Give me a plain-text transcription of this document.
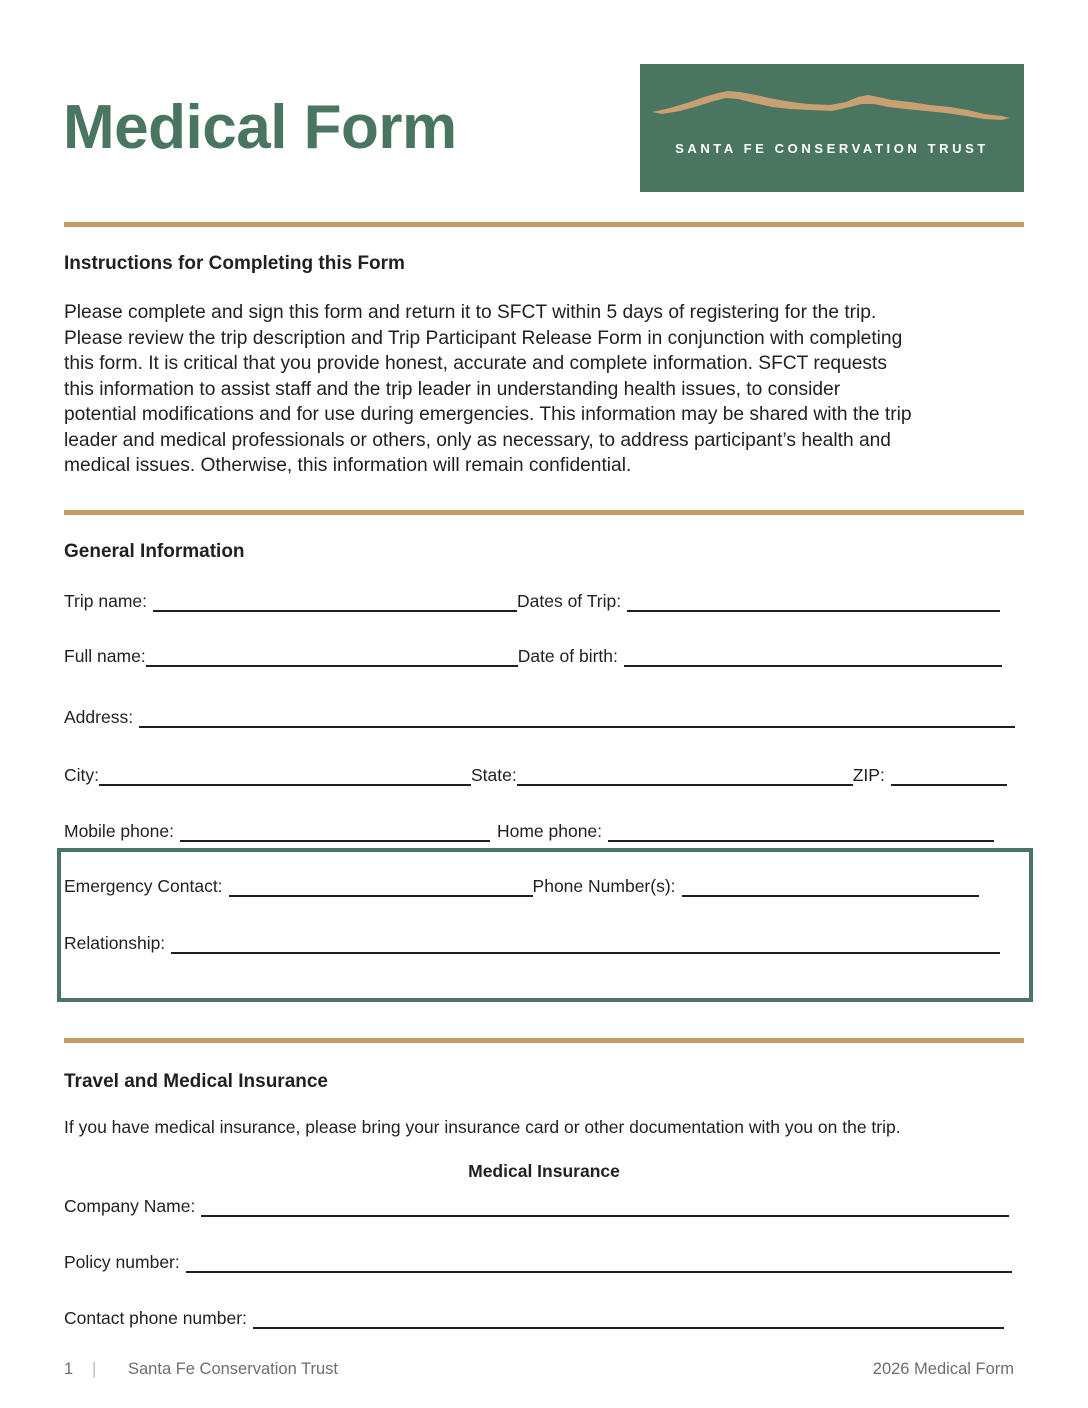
Medical Form	SANTA FE CONSERVATION TRUST
Instructions for Completing this Form
Please complete and sign this form and return it to SFCT within 5 days of registering for the trip.
Please review the trip description and Trip Participant Release Form in conjunction with completing
this form. It is critical that you provide honest, accurate and complete information. SFCT requests
this information to assist staff and the trip leader in understanding health issues, to consider
potential modifications and for use during emergencies. This information may be shared with the trip
leader and medical professionals or others, only as necessary, to address participant’s health and
medical issues. Otherwise, this information will remain confidential.
General Information
Trip name:	Dates of Trip:
Full name:	Date of birth:
Address:
City:	State:	ZIP:
Mobile phone:	Home phone:
Emergency Contact:	Phone Number(s):
Relationship:
Travel and Medical Insurance
If you have medical insurance, please bring your insurance card or other documentation with you on the trip.
Medical Insurance
Company Name:
Policy number:
Contact phone number:
1 | Santa Fe Conservation Trust	2026 Medical Form
